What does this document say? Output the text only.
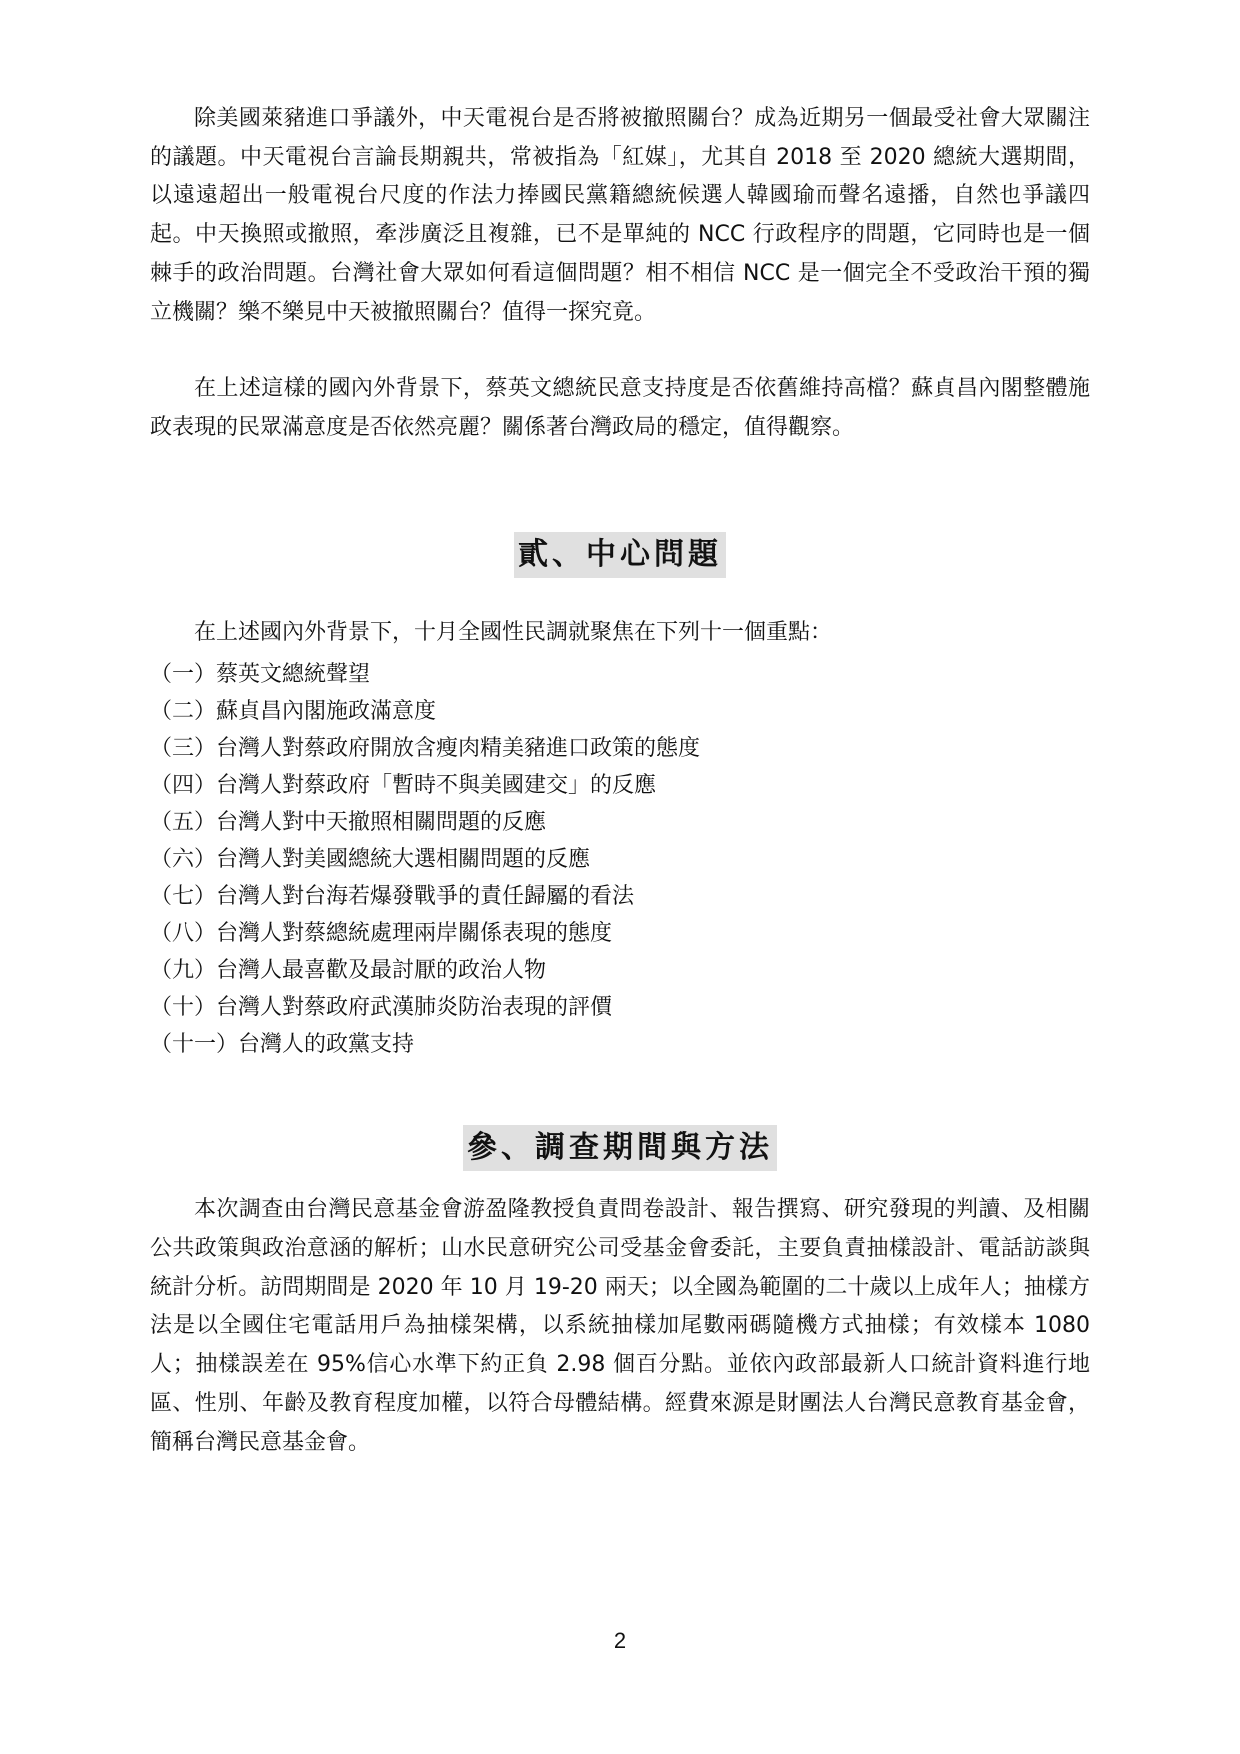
除美國萊豬進口爭議外，中天電視台是否將被撤照關台？成為近期另一個最受社會大眾關注的議題。中天電視台言論長期親共，常被指為「紅媒」，尤其自 2018 至 2020 總統大選期間，以遠遠超出一般電視台尺度的作法力捧國民黨籍總統候選人韓國瑜而聲名遠播，自然也爭議四起。中天換照或撤照，牽涉廣泛且複雜，已不是單純的 NCC 行政程序的問題，它同時也是一個棘手的政治問題。台灣社會大眾如何看這個問題？相不相信 NCC 是一個完全不受政治干預的獨立機關？樂不樂見中天被撤照關台？值得一探究竟。

在上述這樣的國內外背景下，蔡英文總統民意支持度是否依舊維持高檔？蘇貞昌內閣整體施政表現的民眾滿意度是否依然亮麗？關係著台灣政局的穩定，值得觀察。

貳、中心問題

在上述國內外背景下，十月全國性民調就聚焦在下列十一個重點：

（一）蔡英文總統聲望
（二）蘇貞昌內閣施政滿意度
（三）台灣人對蔡政府開放含瘦肉精美豬進口政策的態度
（四）台灣人對蔡政府「暫時不與美國建交」的反應
（五）台灣人對中天撤照相關問題的反應
（六）台灣人對美國總統大選相關問題的反應
（七）台灣人對台海若爆發戰爭的責任歸屬的看法
（八）台灣人對蔡總統處理兩岸關係表現的態度
（九）台灣人最喜歡及最討厭的政治人物
（十）台灣人對蔡政府武漢肺炎防治表現的評價
（十一）台灣人的政黨支持
參、調查期間與方法

本次調查由台灣民意基金會游盈隆教授負責問卷設計、報告撰寫、研究發現的判讀、及相關公共政策與政治意涵的解析；山水民意研究公司受基金會委託，主要負責抽樣設計、電話訪談與統計分析。訪問期間是 2020 年 10 月 19-20 兩天；以全國為範圍的二十歲以上成年人；抽樣方法是以全國住宅電話用戶為抽樣架構，以系統抽樣加尾數兩碼隨機方式抽樣；有效樣本 1080 人；抽樣誤差在 95%信心水準下約正負 2.98 個百分點。並依內政部最新人口統計資料進行地區、性別、年齡及教育程度加權，以符合母體結構。經費來源是財團法人台灣民意教育基金會，簡稱台灣民意基金會。

2
